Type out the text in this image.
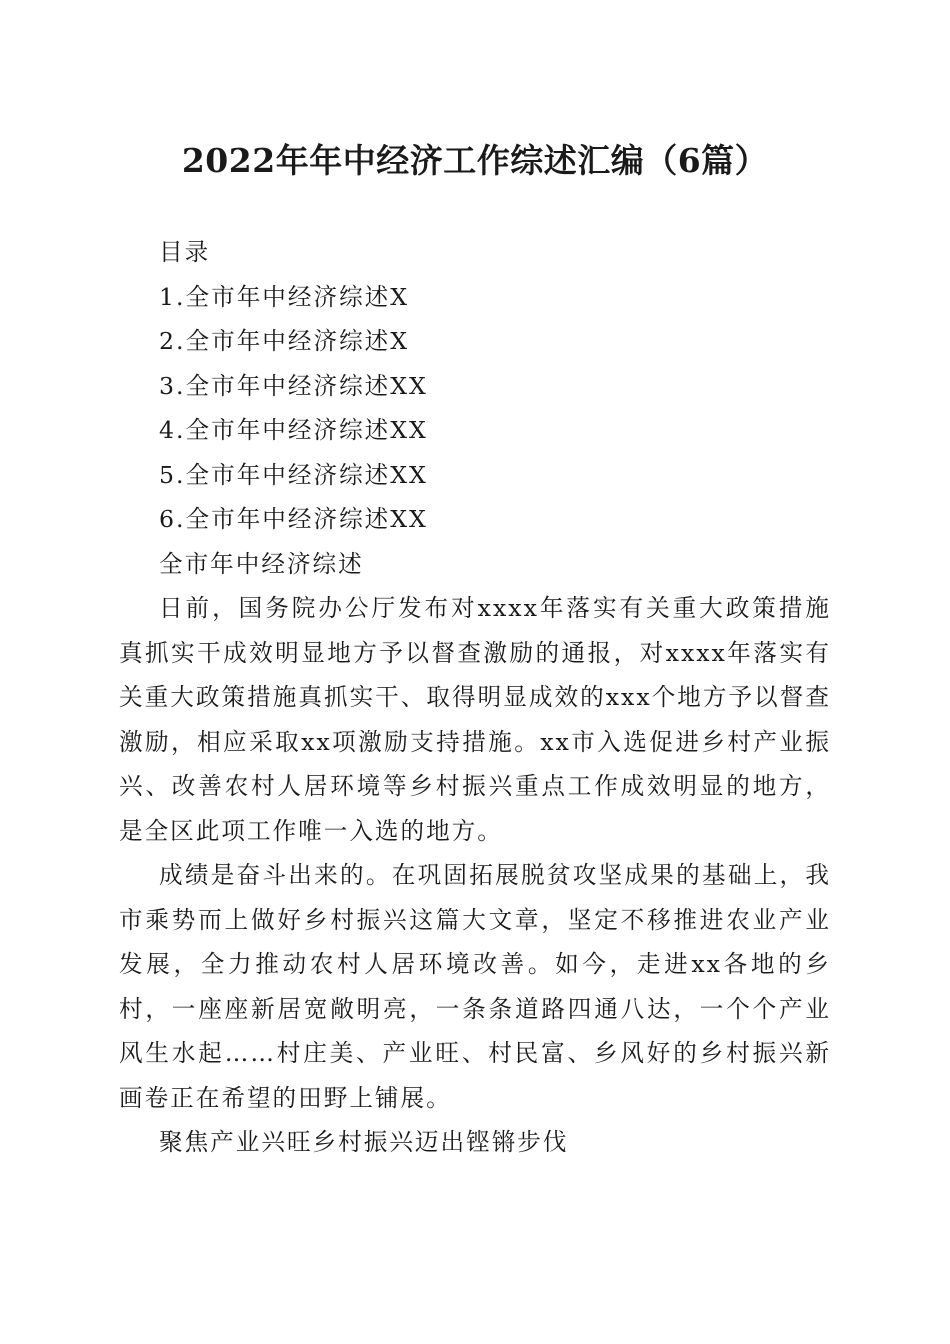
2022年年中经济工作综述汇编（6篇）

目录

1.全市年中经济综述X

2.全市年中经济综述X

3.全市年中经济综述XX

4.全市年中经济综述XX

5.全市年中经济综述XX

6.全市年中经济综述XX

全市年中经济综述

日前，国务院办公厅发布对xxxx年落实有关重大政策措施真抓实干成效明显地方予以督查激励的通报，对xxxx年落实有关重大政策措施真抓实干、取得明显成效的xxx个地方予以督查激励，相应采取xx项激励支持措施。xx市入选促进乡村产业振兴、改善农村人居环境等乡村振兴重点工作成效明显的地方，是全区此项工作唯一入选的地方。

成绩是奋斗出来的。在巩固拓展脱贫攻坚成果的基础上，我市乘势而上做好乡村振兴这篇大文章，坚定不移推进农业产业发展，全力推动农村人居环境改善。如今，走进xx各地的乡村，一座座新居宽敞明亮，一条条道路四通八达，一个个产业风生水起……村庄美、产业旺、村民富、乡风好的乡村振兴新画卷正在希望的田野上铺展。

聚焦产业兴旺乡村振兴迈出铿锵步伐
